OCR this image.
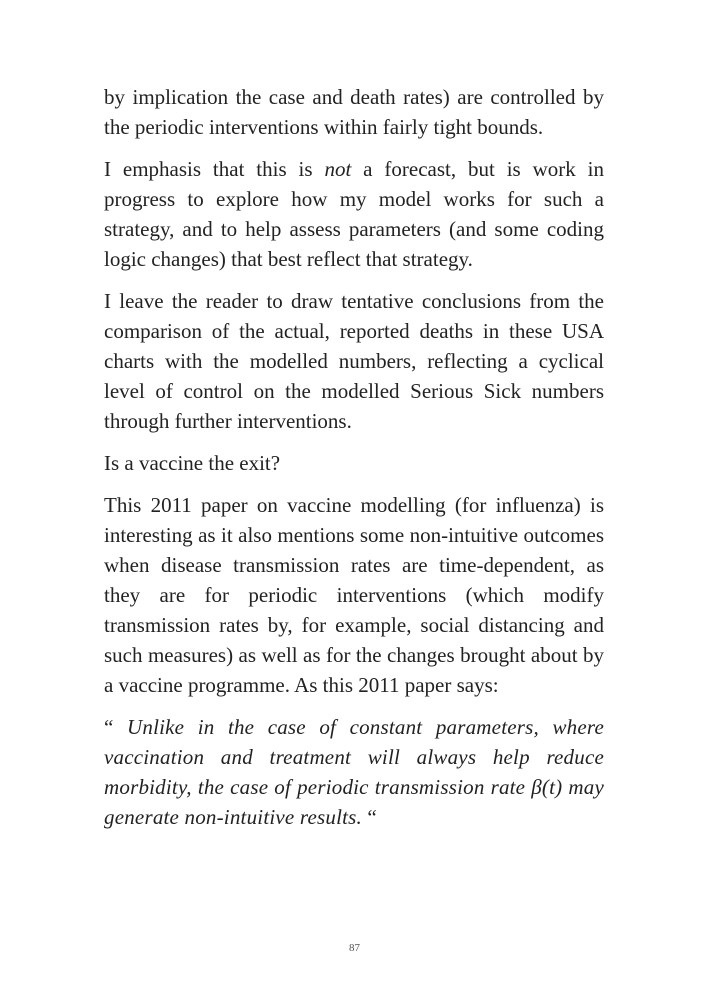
by implication the case and death rates) are controlled by the periodic interventions within fairly tight bounds.

I emphasis that this is not a forecast, but is work in progress to explore how my model works for such a strategy, and to help assess parameters (and some coding logic changes) that best reflect that strategy.

I leave the reader to draw tentative conclusions from the comparison of the actual, reported deaths in these USA charts with the modelled numbers, reflecting a cyclical level of control on the modelled Serious Sick numbers through further interventions.

Is a vaccine the exit?

This 2011 paper on vaccine modelling (for influenza) is interesting as it also mentions some non-intuitive outcomes when disease transmission rates are time-dependent, as they are for periodic interventions (which modify transmission rates by, for example, social distancing and such measures) as well as for the changes brought about by a vaccine programme. As this 2011 paper says:

“ Unlike in the case of constant parameters, where vaccination and treatment will always help reduce morbidity, the case of periodic transmission rate β(t) may generate non-intuitive results. “

87
